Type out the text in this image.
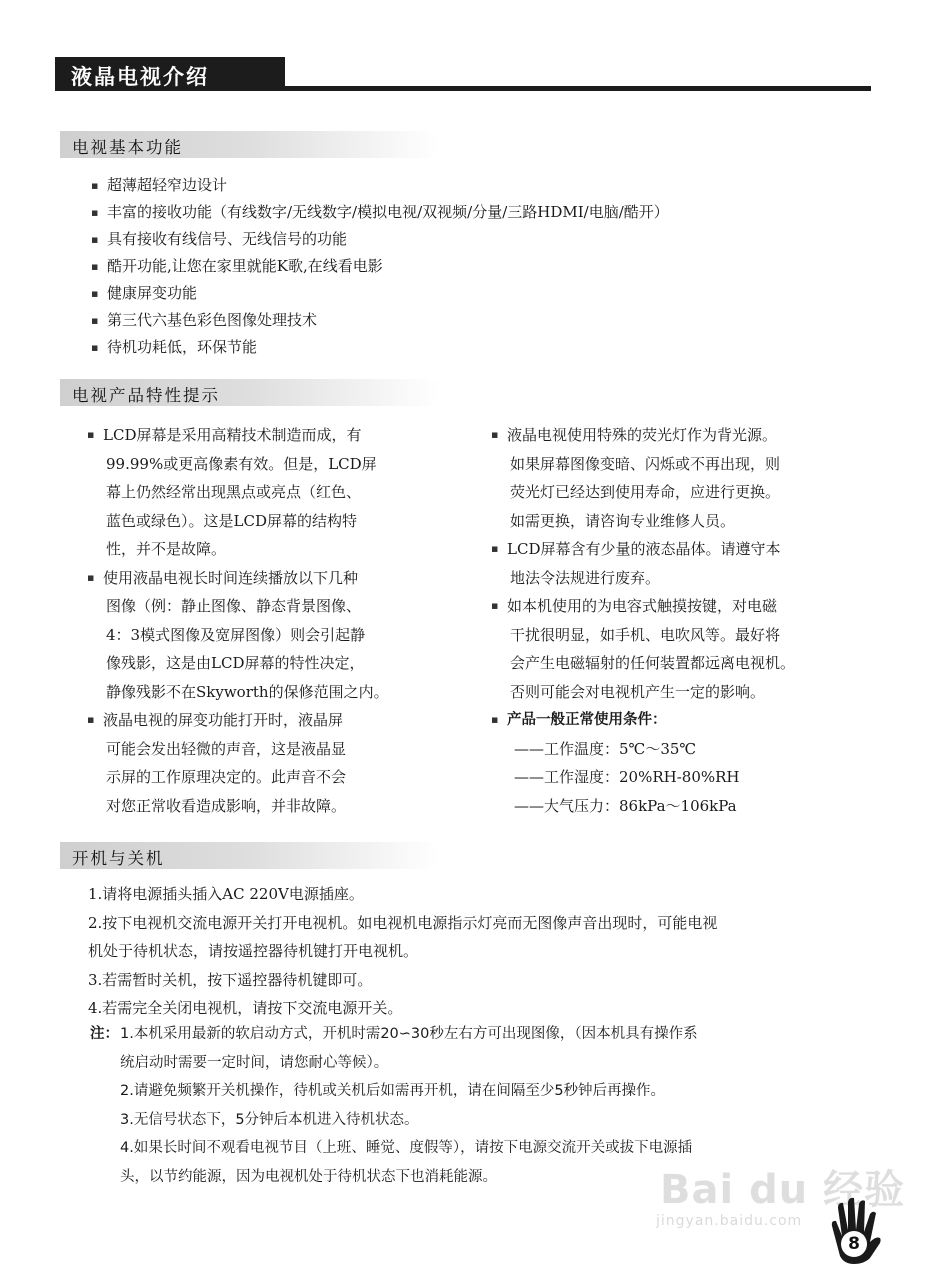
液晶电视介绍
电视基本功能
▪ 超薄超轻窄边设计
▪ 丰富的接收功能（有线数字/无线数字/模拟电视/双视频/分量/三路HDMI/电脑/酷开）
▪ 具有接收有线信号、无线信号的功能
▪ 酷开功能,让您在家里就能K歌,在线看电影
▪ 健康屏变功能
▪ 第三代六基色彩色图像处理技术
▪ 待机功耗低，环保节能
电视产品特性提示
▪ LCD屏幕是采用高精技术制造而成，有
99.99%或更高像素有效。但是，LCD屏
幕上仍然经常出现黑点或亮点（红色、
蓝色或绿色）。这是LCD屏幕的结构特
性，并不是故障。
▪ 使用液晶电视长时间连续播放以下几种
图像（例：静止图像、静态背景图像、
4：3模式图像及宽屏图像）则会引起静
像残影，这是由LCD屏幕的特性决定，
静像残影不在Skyworth的保修范围之内。
▪ 液晶电视的屏变功能打开时，液晶屏
可能会发出轻微的声音，这是液晶显
示屏的工作原理决定的。此声音不会
对您正常收看造成影响，并非故障。
▪ 液晶电视使用特殊的荧光灯作为背光源。
如果屏幕图像变暗、闪烁或不再出现，则
荧光灯已经达到使用寿命，应进行更换。
如需更换，请咨询专业维修人员。
▪ LCD屏幕含有少量的液态晶体。请遵守本
地法令法规进行废弃。
▪ 如本机使用的为电容式触摸按键，对电磁
干扰很明显，如手机、电吹风等。最好将
会产生电磁辐射的任何装置都远离电视机。
否则可能会对电视机产生一定的影响。
▪ 产品一般正常使用条件：
——工作温度：5℃～35℃
——工作湿度：20%RH-80%RH
——大气压力：86kPa～106kPa
开机与关机
1.请将电源插头插入AC 220V电源插座。
2.按下电视机交流电源开关打开电视机。如电视机电源指示灯亮而无图像声音出现时，可能电视
机处于待机状态，请按遥控器待机键打开电视机。
3.若需暂时关机，按下遥控器待机键即可。
4.若需完全关闭电视机，请按下交流电源开关。
注：1.本机采用最新的软启动方式，开机时需20∽30秒左右方可出现图像，（因本机具有操作系
统启动时需要一定时间，请您耐心等候）。
2.请避免频繁开关机操作，待机或关机后如需再开机，请在间隔至少5秒钟后再操作。
3.无信号状态下，5分钟后本机进入待机状态。
4.如果长时间不观看电视节目（上班、睡觉、度假等），请按下电源交流开关或拔下电源插
头，以节约能源，因为电视机处于待机状态下也消耗能源。	Bai du 经验
jingyan.baidu.com
8
